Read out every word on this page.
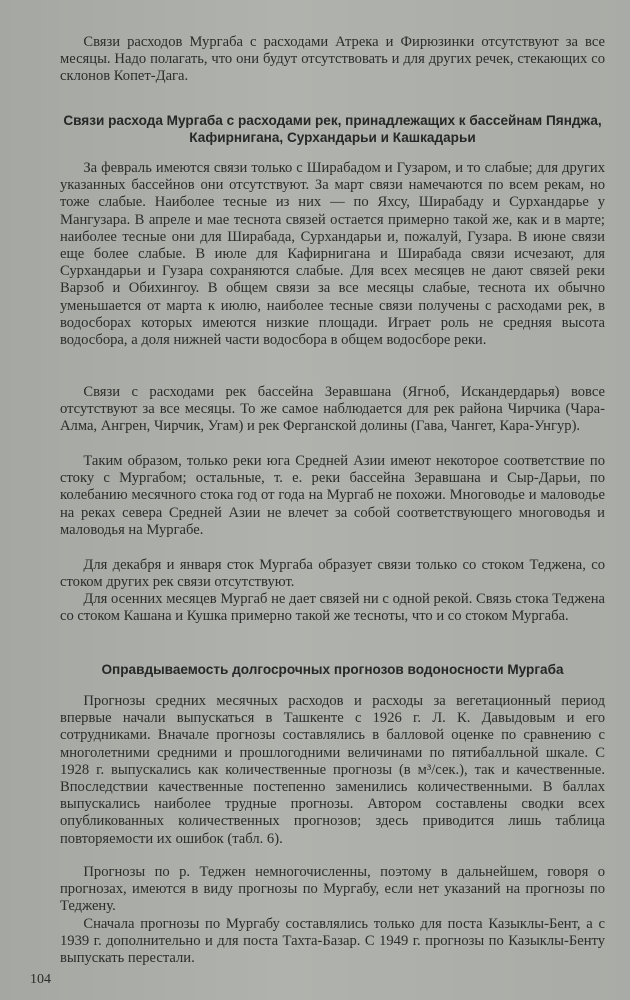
Связи расходов Мургаба с расходами Атрека и Фирюзинки отсутствуют за все месяцы. Надо полагать, что они будут отсутствовать и для других речек, стекающих со склонов Копет-Дага.

Связи расхода Мургаба с расходами рек, принадлежащих к бассейнам Пянджа, Кафирнигана, Сурхандарьи и Кашкадарьи

За февраль имеются связи только с Ширабадом и Гузаром, и то слабые; для других указанных бассейнов они отсутствуют. За март связи намечаются по всем рекам, но тоже слабые. Наиболее тесные из них — по Яхсу, Ширабаду и Сурхандарье у Мангузара. В апреле и мае теснота связей остается примерно такой же, как и в марте; наиболее тесные они для Ширабада, Сурхандарьи и, пожалуй, Гузара. В июне связи еще более слабые. В июле для Кафирнигана и Ширабада связи исчезают, для Сурхандарьи и Гузара сохраняются слабые. Для всех месяцев не дают связей реки Варзоб и Обихингоу. В общем связи за все месяцы слабые, теснота их обычно уменьшается от марта к июлю, наиболее тесные связи получены с расходами рек, в водосборах которых имеются низкие площади. Играет роль не средняя высота водосбора, а доля нижней части водосбора в общем водосборе реки.

Связи с расходами рек бассейна Зеравшана (Ягноб, Искандердарья) вовсе отсутствуют за все месяцы. То же самое наблюдается для рек района Чирчика (Чара-Алма, Ангрен, Чирчик, Угам) и рек Ферганской долины (Гава, Чангет, Кара-Унгур).

Таким образом, только реки юга Средней Азии имеют некоторое соответствие по стоку с Мургабом; остальные, т. е. реки бассейна Зеравшана и Сыр-Дарьи, по колебанию месячного стока год от года на Мургаб не похожи. Многоводье и маловодье на реках севера Средней Азии не влечет за собой соответствующего многоводья и маловодья на Мургабе.

Для декабря и января сток Мургаба образует связи только со стоком Теджена, со стоком других рек связи отсутствуют.

Для осенних месяцев Мургаб не дает связей ни с одной рекой. Связь стока Теджена со стоком Кашана и Кушка примерно такой же тесноты, что и со стоком Мургаба.

Оправдываемость долгосрочных прогнозов водоносности Мургаба

Прогнозы средних месячных расходов и расходы за вегетационный период впервые начали выпускаться в Ташкенте с 1926 г. Л. К. Давыдовым и его сотрудниками. Вначале прогнозы составлялись в балловой оценке по сравнению с многолетними средними и прошлогодними величинами по пятибалльной шкале. С 1928 г. выпускались как количественные прогнозы (в м³/сек.), так и качественные. Впоследствии качественные постепенно заменились количественными. В баллах выпускались наиболее трудные прогнозы. Автором составлены сводки всех опубликованных количественных прогнозов; здесь приводится лишь таблица повторяемости их ошибок (табл. 6).

Прогнозы по р. Теджен немногочисленны, поэтому в дальнейшем, говоря о прогнозах, имеются в виду прогнозы по Мургабу, если нет указаний на прогнозы по Теджену.

Сначала прогнозы по Мургабу составлялись только для поста Казыклы-Бент, а с 1939 г. дополнительно и для поста Тахта-Базар. С 1949 г. прогнозы по Казыклы-Бенту выпускать перестали.

104
